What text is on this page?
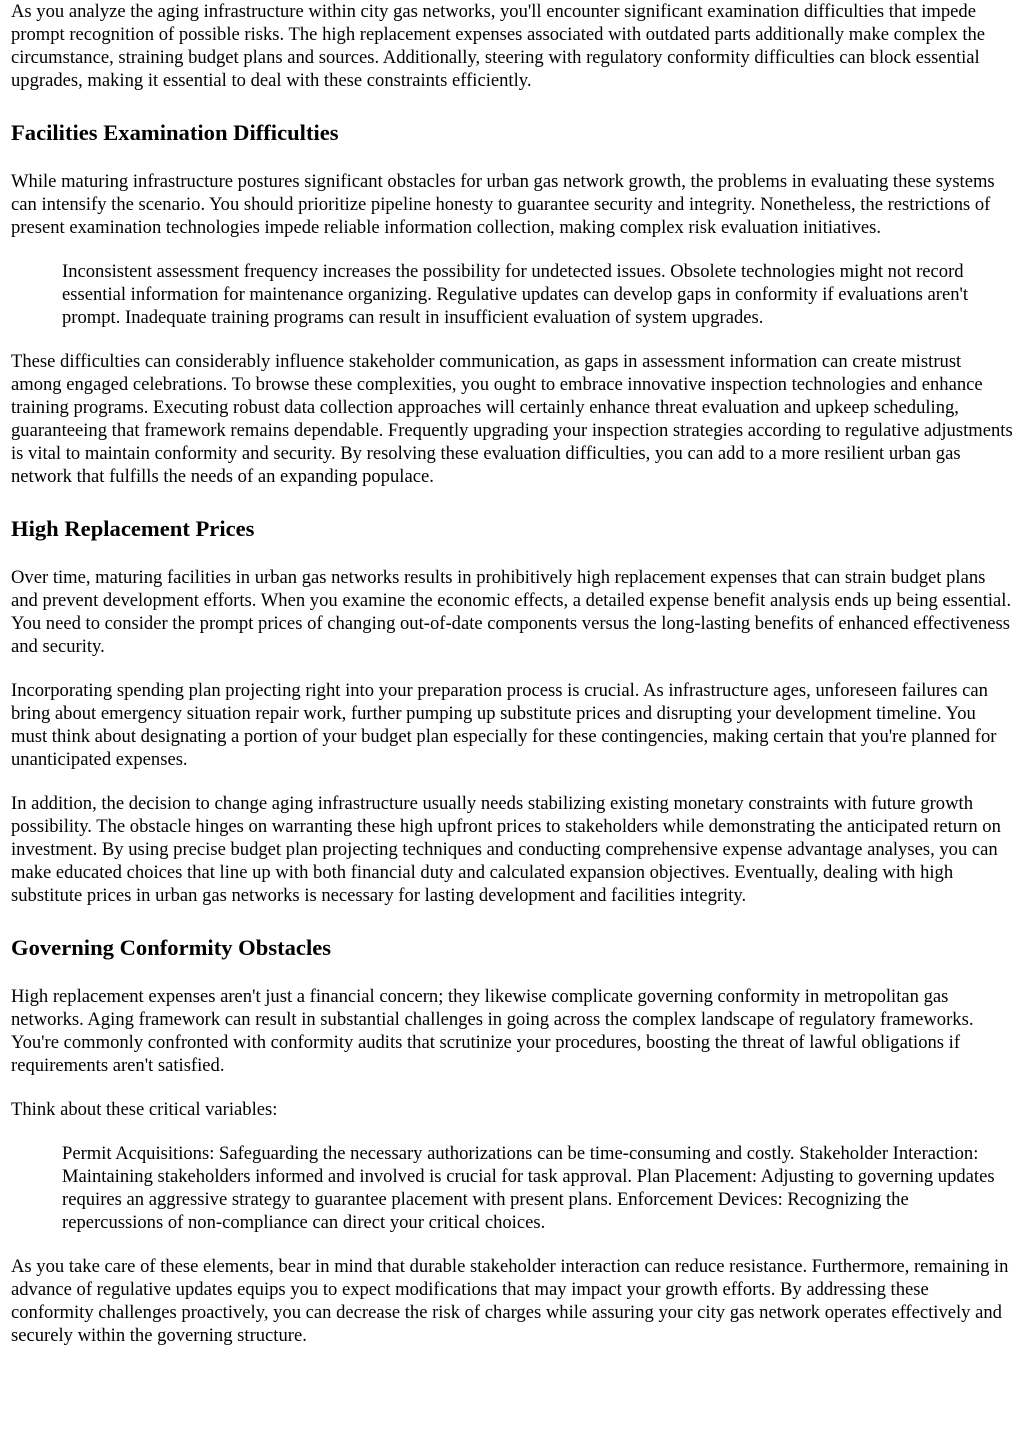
As you analyze the aging infrastructure within city gas networks, you'll encounter significant examination difficulties that impede prompt recognition of possible risks. The high replacement expenses associated with outdated parts additionally make complex the circumstance, straining budget plans and sources. Additionally, steering with regulatory conformity difficulties can block essential upgrades, making it essential to deal with these constraints efficiently.

Facilities Examination Difficulties

While maturing infrastructure postures significant obstacles for urban gas network growth, the problems in evaluating these systems can intensify the scenario. You should prioritize pipeline honesty to guarantee security and integrity. Nonetheless, the restrictions of present examination technologies impede reliable information collection, making complex risk evaluation initiatives.

Inconsistent assessment frequency increases the possibility for undetected issues. Obsolete technologies might not record essential information for maintenance organizing. Regulative updates can develop gaps in conformity if evaluations aren't prompt. Inadequate training programs can result in insufficient evaluation of system upgrades.

These difficulties can considerably influence stakeholder communication, as gaps in assessment information can create mistrust among engaged celebrations. To browse these complexities, you ought to embrace innovative inspection technologies and enhance training programs. Executing robust data collection approaches will certainly enhance threat evaluation and upkeep scheduling, guaranteeing that framework remains dependable. Frequently upgrading your inspection strategies according to regulative adjustments is vital to maintain conformity and security. By resolving these evaluation difficulties, you can add to a more resilient urban gas network that fulfills the needs of an expanding populace.

High Replacement Prices

Over time, maturing facilities in urban gas networks results in prohibitively high replacement expenses that can strain budget plans and prevent development efforts. When you examine the economic effects, a detailed expense benefit analysis ends up being essential. You need to consider the prompt prices of changing out-of-date components versus the long-lasting benefits of enhanced effectiveness and security.

Incorporating spending plan projecting right into your preparation process is crucial. As infrastructure ages, unforeseen failures can bring about emergency situation repair work, further pumping up substitute prices and disrupting your development timeline. You must think about designating a portion of your budget plan especially for these contingencies, making certain that you're planned for unanticipated expenses.

In addition, the decision to change aging infrastructure usually needs stabilizing existing monetary constraints with future growth possibility. The obstacle hinges on warranting these high upfront prices to stakeholders while demonstrating the anticipated return on investment. By using precise budget plan projecting techniques and conducting comprehensive expense advantage analyses, you can make educated choices that line up with both financial duty and calculated expansion objectives. Eventually, dealing with high substitute prices in urban gas networks is necessary for lasting development and facilities integrity.

Governing Conformity Obstacles

High replacement expenses aren't just a financial concern; they likewise complicate governing conformity in metropolitan gas networks. Aging framework can result in substantial challenges in going across the complex landscape of regulatory frameworks. You're commonly confronted with conformity audits that scrutinize your procedures, boosting the threat of lawful obligations if requirements aren't satisfied.

Think about these critical variables:

Permit Acquisitions: Safeguarding the necessary authorizations can be time-consuming and costly. Stakeholder Interaction: Maintaining stakeholders informed and involved is crucial for task approval. Plan Placement: Adjusting to governing updates requires an aggressive strategy to guarantee placement with present plans. Enforcement Devices: Recognizing the repercussions of non-compliance can direct your critical choices.

As you take care of these elements, bear in mind that durable stakeholder interaction can reduce resistance. Furthermore, remaining in advance of regulative updates equips you to expect modifications that may impact your growth efforts. By addressing these conformity challenges proactively, you can decrease the risk of charges while assuring your city gas network operates effectively and securely within the governing structure.
